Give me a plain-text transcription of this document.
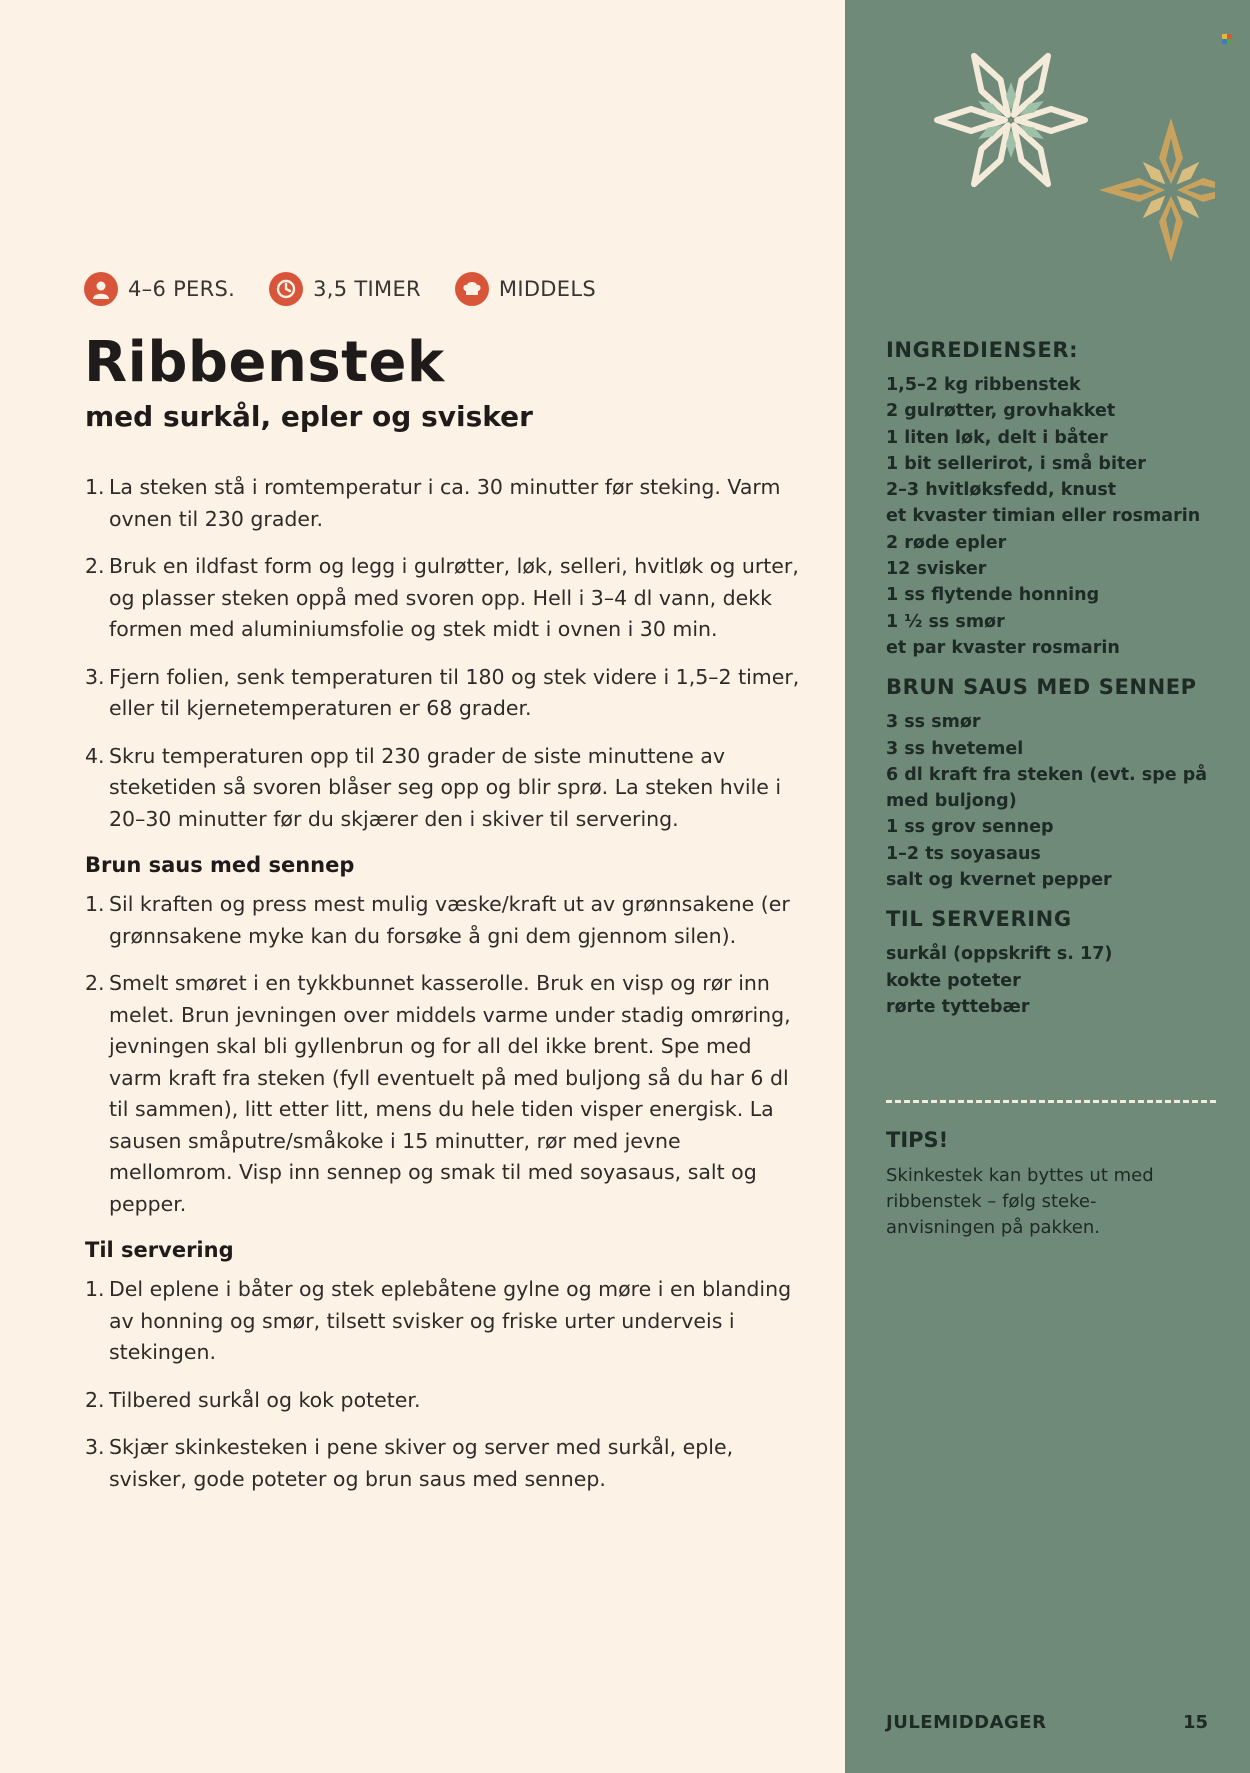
4–6 PERS.	3,5 TIMER	MIDDELS
Ribbenstek
med surkål, epler og svisker
1. La steken stå i romtemperatur i ca. 30 minutter før steking. Varm ovnen til 230 grader.
2. Bruk en ildfast form og legg i gulrøtter, løk, selleri, hvitløk og urter, og plasser steken oppå med svoren opp. Hell i 3–4 dl vann, dekk formen med aluminiumsfolie og stek midt i ovnen i 30 min.
3. Fjern folien, senk temperaturen til 180 og stek videre i 1,5–2 timer, eller til kjernetemperaturen er 68 grader.
4. Skru temperaturen opp til 230 grader de siste minuttene av steketiden så svoren blåser seg opp og blir sprø. La steken hvile i 20–30 minutter før du skjærer den i skiver til servering.
Brun saus med sennep
1. Sil kraften og press mest mulig væske/kraft ut av grønnsakene (er grønnsakene myke kan du forsøke å gni dem gjennom silen).
2. Smelt smøret i en tykkbunnet kasserolle. Bruk en visp og rør inn melet. Brun jevningen over middels varme under stadig omrøring, jevningen skal bli gyllenbrun og for all del ikke brent. Spe med varm kraft fra steken (fyll eventuelt på med buljong så du har 6 dl til sammen), litt etter litt, mens du hele tiden visper energisk. La sausen småputre/småkoke i 15 minutter, rør med jevne mellomrom. Visp inn sennep og smak til med soyasaus, salt og pepper.
Til servering
1. Del eplene i båter og stek eplebåtene gylne og møre i en blanding av honning og smør, tilsett svisker og friske urter underveis i stekingen.
2. Tilbered surkål og kok poteter.
3. Skjær skinkesteken i pene skiver og server med surkål, eple, svisker, gode poteter og brun saus med sennep.
INGREDIENSER:
1,5–2 kg ribbenstek
2 gulrøtter, grovhakket
1 liten løk, delt i båter
1 bit sellerirot, i små biter
2–3 hvitløksfedd, knust
et kvaster timian eller rosmarin
2 røde epler
12 svisker
1 ss flytende honning
1 ½ ss smør
et par kvaster rosmarin
BRUN SAUS MED SENNEP
3 ss smør
3 ss hvetemel
6 dl kraft fra steken (evt. spe på med buljong)
1 ss grov sennep
1–2 ts soyasaus
salt og kvernet pepper
TIL SERVERING
surkål (oppskrift s. 17)
kokte poteter
rørte tyttebær
TIPS!
Skinkestek kan byttes ut med ribbenstek – følg steke-anvisningen på pakken.
JULEMIDDAGER	15
